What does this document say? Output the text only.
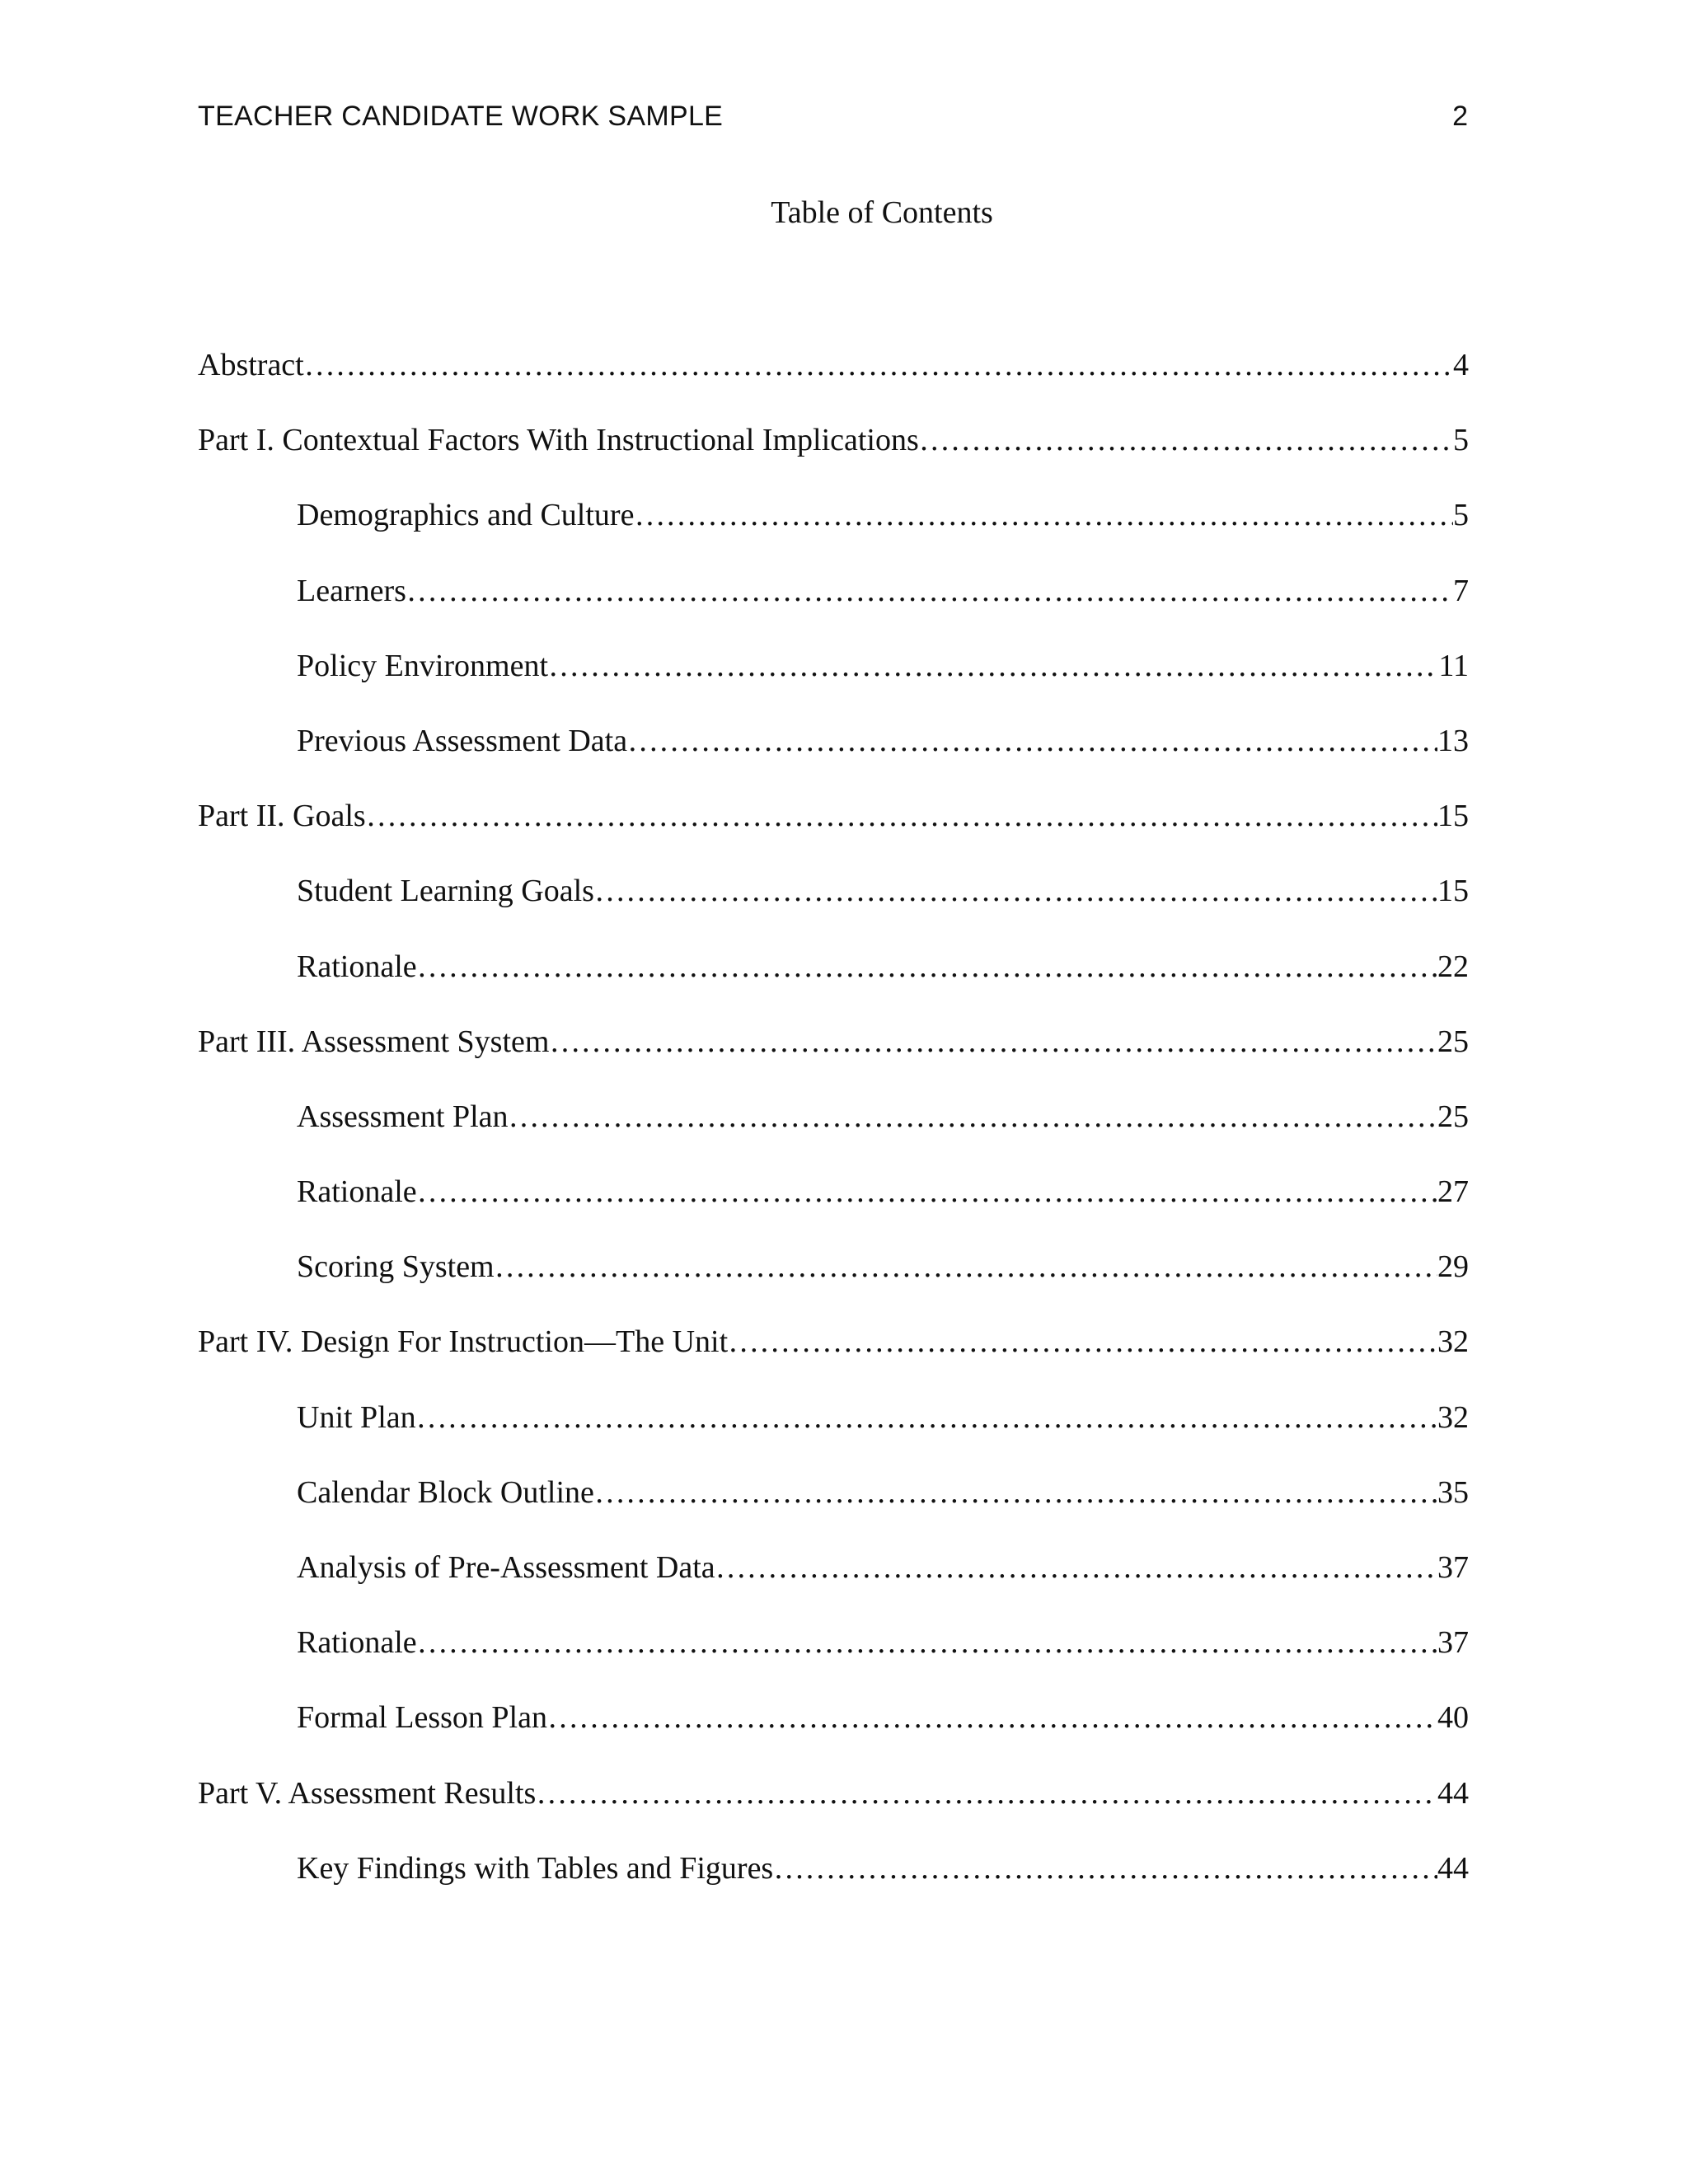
TEACHER CANDIDATE WORK SAMPLE	2
Table of Contents
Abstract ………………………………………………………………………………………………………………………………………………………………………………	4
Part I. Contextual Factors With Instructional Implications ………………………………………………………………………………………………………………………………………………………………………………	5
Demographics and Culture ………………………………………………………………………………………………………………………………………………………………………………	5
Learners ………………………………………………………………………………………………………………………………………………………………………………	7
Policy Environment ………………………………………………………………………………………………………………………………………………………………………………	11
Previous Assessment Data ………………………………………………………………………………………………………………………………………………………………………………	13
Part II. Goals ………………………………………………………………………………………………………………………………………………………………………………	15
Student Learning Goals ………………………………………………………………………………………………………………………………………………………………………………	15
Rationale ………………………………………………………………………………………………………………………………………………………………………………	22
Part III. Assessment System ………………………………………………………………………………………………………………………………………………………………………………	25
Assessment Plan ………………………………………………………………………………………………………………………………………………………………………………	25
Rationale ………………………………………………………………………………………………………………………………………………………………………………	27
Scoring System ………………………………………………………………………………………………………………………………………………………………………………	29
Part IV. Design For Instruction—The Unit ………………………………………………………………………………………………………………………………………………………………………………	32
Unit Plan ………………………………………………………………………………………………………………………………………………………………………………	32
Calendar Block Outline ………………………………………………………………………………………………………………………………………………………………………………	35
Analysis of Pre-Assessment Data ………………………………………………………………………………………………………………………………………………………………………………	37
Rationale ………………………………………………………………………………………………………………………………………………………………………………	37
Formal Lesson Plan ………………………………………………………………………………………………………………………………………………………………………………	40
Part V. Assessment Results ………………………………………………………………………………………………………………………………………………………………………………	44
Key Findings with Tables and Figures ………………………………………………………………………………………………………………………………………………………………………………	44
